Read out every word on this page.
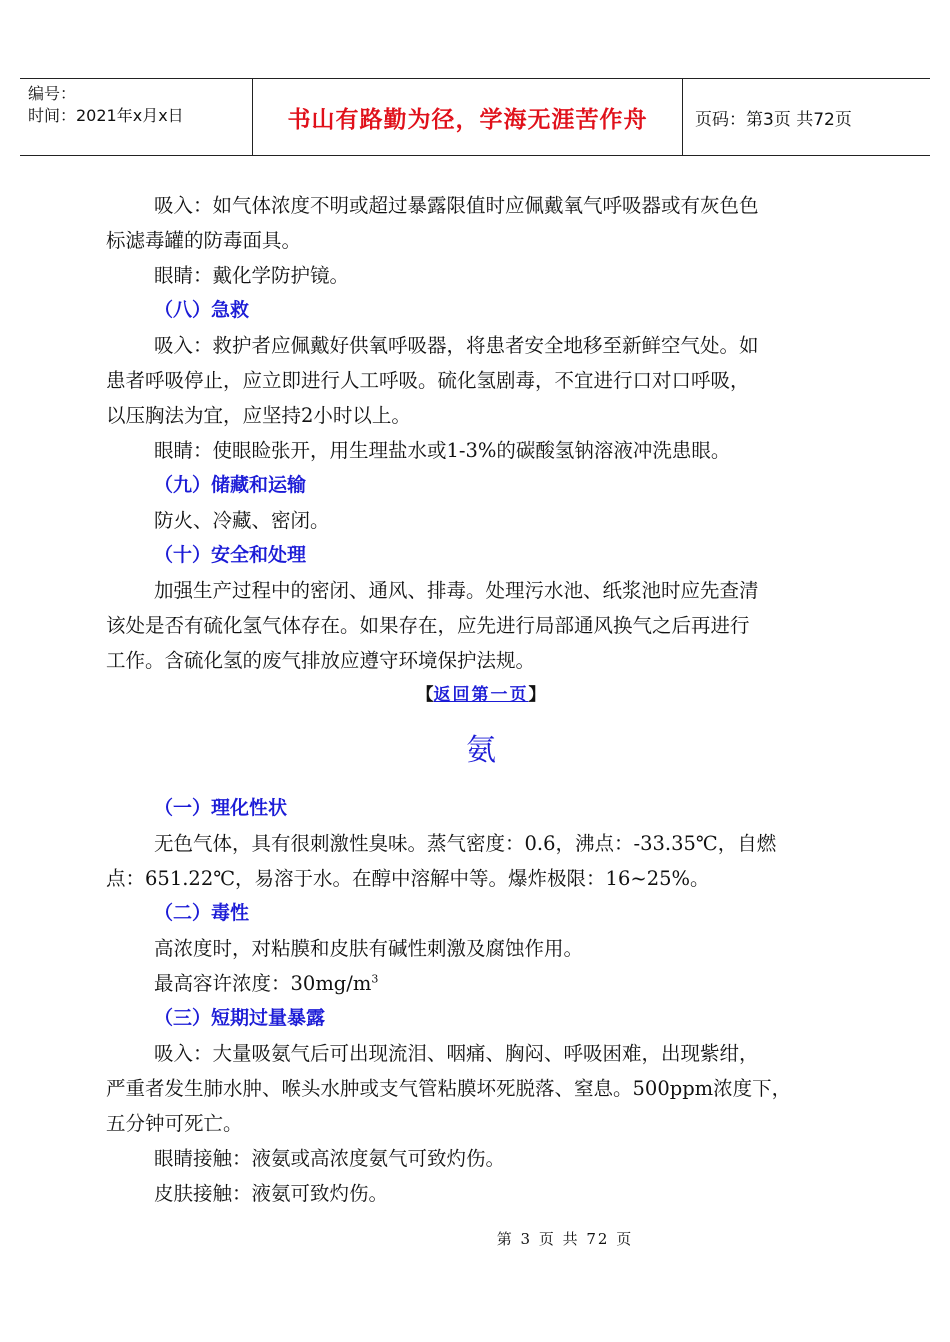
编号：
时间：2021年x月x日	书山有路勤为径，学海无涯苦作舟	页码：第3页 共72页

吸入：如气体浓度不明或超过暴露限值时应佩戴氧气呼吸器或有灰色色

标滤毒罐的防毒面具。

眼睛：戴化学防护镜。

（八）急救

吸入：救护者应佩戴好供氧呼吸器，将患者安全地移至新鲜空气处。如

患者呼吸停止，应立即进行人工呼吸。硫化氢剧毒，不宜进行口对口呼吸，

以压胸法为宜，应坚持2小时以上。

眼睛：使眼睑张开，用生理盐水或1-3%的碳酸氢钠溶液冲洗患眼。

（九）储藏和运输

防火、冷藏、密闭。

（十）安全和处理

加强生产过程中的密闭、通风、排毒。处理污水池、纸浆池时应先查清

该处是否有硫化氢气体存在。如果存在，应先进行局部通风换气之后再进行

工作。含硫化氢的废气排放应遵守环境保护法规。

【返回第一页】

氨

（一）理化性状

无色气体，具有很刺激性臭味。蒸气密度：0.6，沸点：-33.35℃，自燃

点：651.22℃，易溶于水。在醇中溶解中等。爆炸极限：16~25%。

（二）毒性

高浓度时，对粘膜和皮肤有碱性刺激及腐蚀作用。

最高容许浓度：$30mg/m^3$

（三）短期过量暴露

吸入：大量吸氨气后可出现流泪、咽痛、胸闷、呼吸困难，出现紫绀，

严重者发生肺水肿、喉头水肿或支气管粘膜坏死脱落、窒息。500ppm浓度下，

五分钟可死亡。

眼睛接触：液氨或高浓度氨气可致灼伤。

皮肤接触：液氨可致灼伤。

第 3 页 共 72 页
